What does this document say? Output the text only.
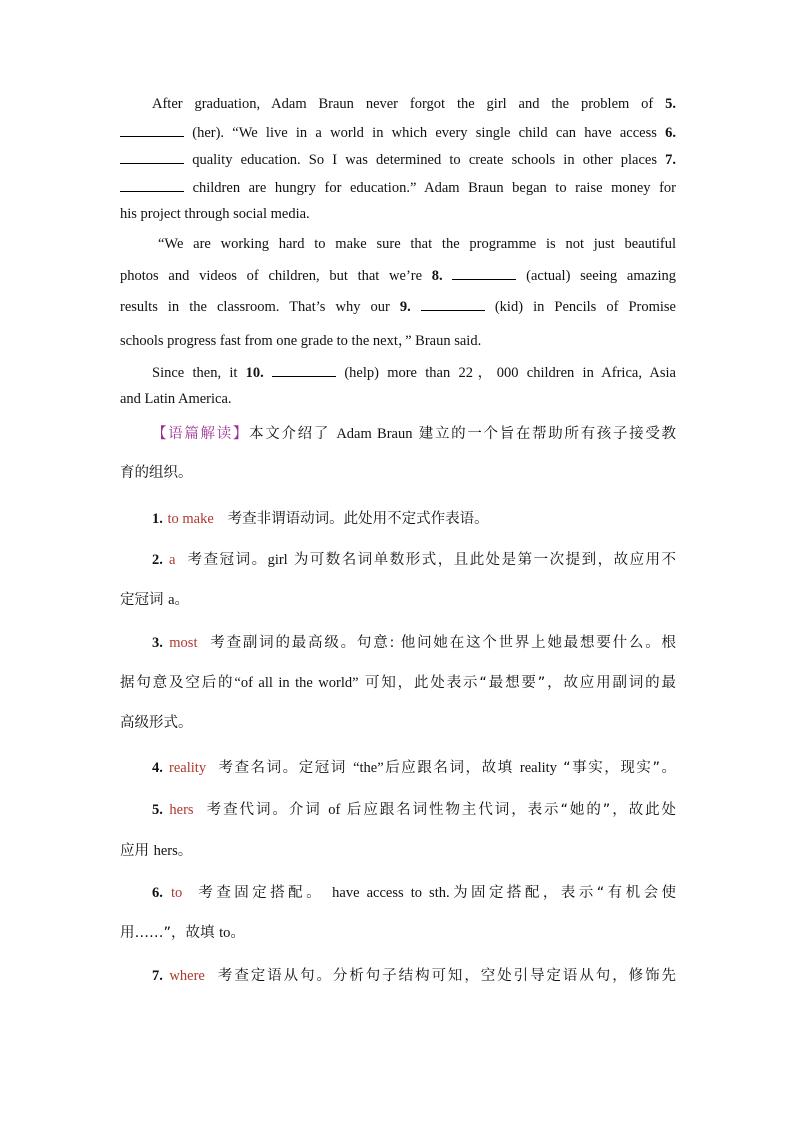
After graduation, Adam Braun never forgot the girl and the problem of 5.
(her). “We live in a world in which every single child can have access 6.
quality education. So I was determined to create schools in other places 7.
children are hungry for education.” Adam Braun began to raise money for
his project through social media.
“We are working hard to make sure that the programme is not just beautiful
photos and videos of children, but that we’re 8.	(actual) seeing amazing
results in the classroom. That’s why our 9.	(kid) in Pencils of Promise
schools progress fast from one grade to the next，” Braun said.
Since then, it 10.	(help) more than 22，000 children in Africa, Asia
and Latin America.
【语篇解读】本文介绍了 Adam Braun 建立的一个旨在帮助所有孩子接受教
育的组织。
1. to make 考查非谓语动词。此处用不定式作表语。
2. a 考查冠词。girl 为可数名词单数形式，且此处是第一次提到，故应用不
定冠词 a。
3. most 考查副词的最高级。句意: 他问她在这个世界上她最想要什么。根
据句意及空后的“of all in the world” 可知，此处表示“最想要”，故应用副词的最
高级形式。
4. reality 考查名词。定冠词 “the”后应跟名词，故填 reality “事实，现实”。
5. hers 考查代词。介词 of 后应跟名词性物主代词，表示“她的”，故此处
应用 hers。
6. to 考查固定搭配。 have access to sth.为固定搭配，表示“有机会使
用……”，故填 to。
7. where 考查定语从句。分析句子结构可知，空处引导定语从句，修饰先
